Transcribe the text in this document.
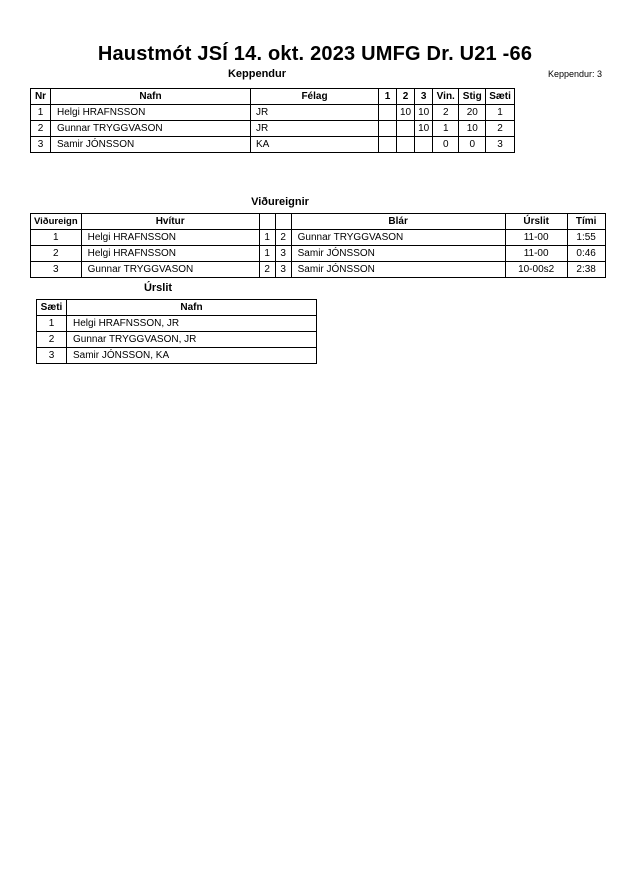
Haustmót JSÍ 14. okt. 2023 UMFG Dr. U21 -66
Keppendur	Keppendur: 3
Nr	Nafn	Félag	1	2	3	Vin.	Stig	Sæti
1	Helgi HRAFNSSON	JR		10	10	2	20	1
2	Gunnar TRYGGVASON	JR			10	1	10	2
3	Samir JÓNSSON	KA				0	0	3
Viðureignir
Viðureign	Hvítur			Blár	Úrslit	Tími
1	Helgi HRAFNSSON	1	2	Gunnar TRYGGVASON	11-00	1:55
2	Helgi HRAFNSSON	1	3	Samir JÓNSSON	11-00	0:46
3	Gunnar TRYGGVASON	2	3	Samir JÓNSSON	10-00s2	2:38
Úrslit
Sæti	Nafn
1	Helgi HRAFNSSON, JR
2	Gunnar TRYGGVASON, JR
3	Samir JÓNSSON, KA
